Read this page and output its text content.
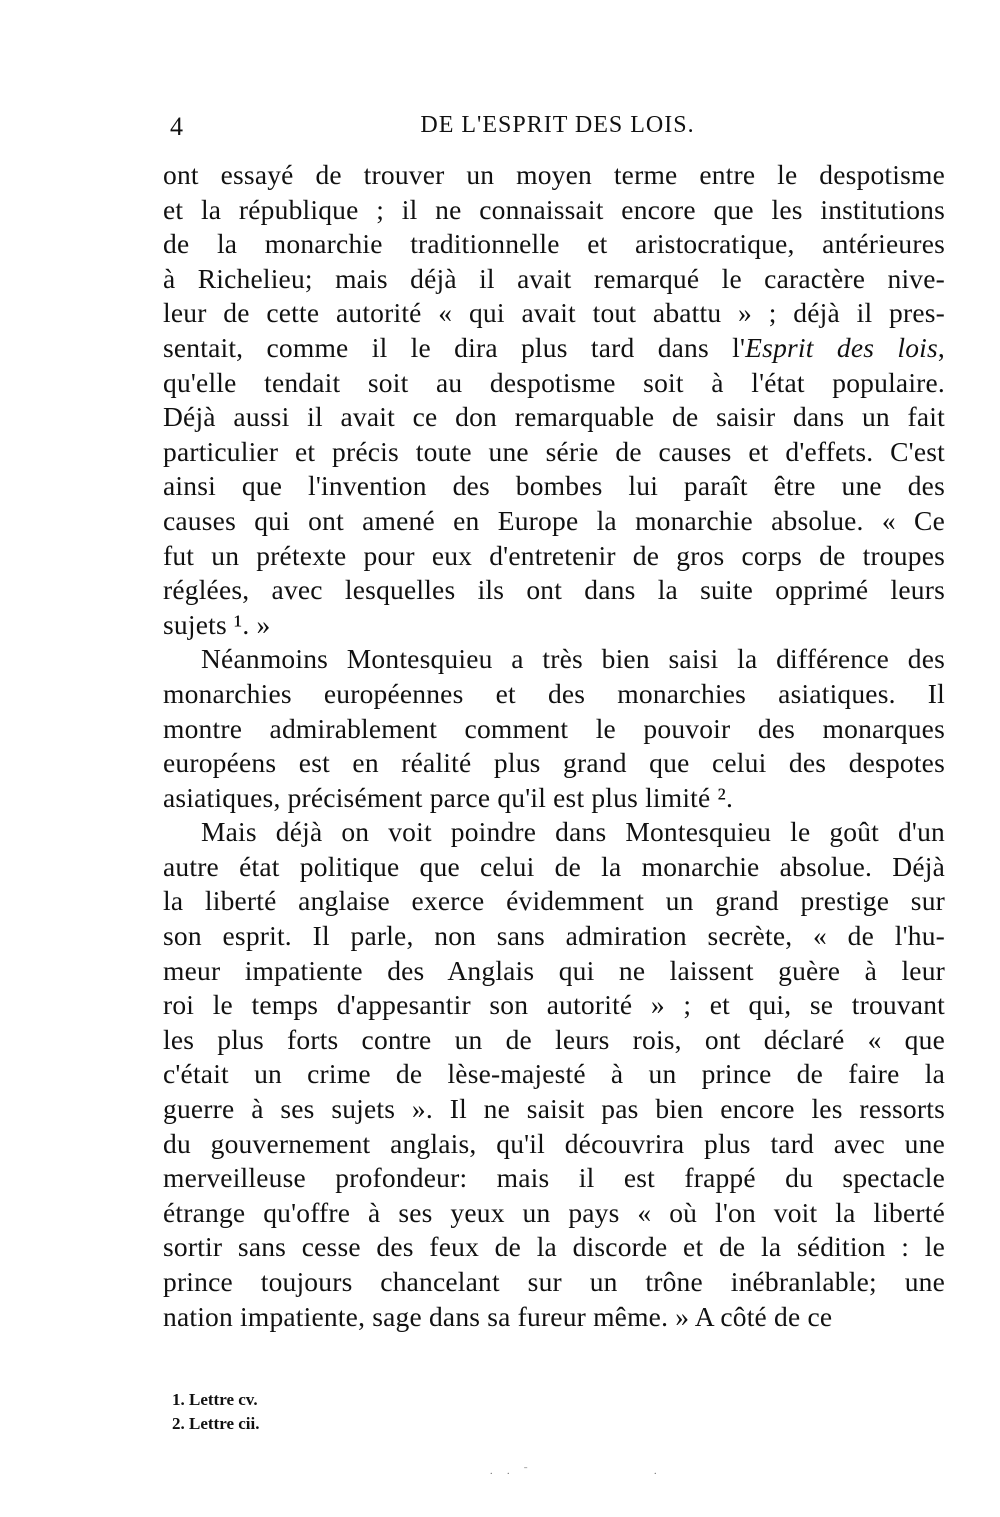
4	DE L'ESPRIT DES LOIS.

ont essayé de trouver un moyen terme entre le despotisme
et la république ; il ne connaissait encore que les institutions
de la monarchie traditionnelle et aristocratique, antérieures
à Richelieu; mais déjà il avait remarqué le caractère nive-
leur de cette autorité « qui avait tout abattu » ; déjà il pres-
sentait, comme il le dira plus tard dans l'Esprit des lois,
qu'elle tendait soit au despotisme soit à l'état populaire.
Déjà aussi il avait ce don remarquable de saisir dans un fait
particulier et précis toute une série de causes et d'effets. C'est
ainsi que l'invention des bombes lui paraît être une des
causes qui ont amené en Europe la monarchie absolue. « Ce
fut un prétexte pour eux d'entretenir de gros corps de troupes
réglées, avec lesquelles ils ont dans la suite opprimé leurs
sujets ¹. »

Néanmoins Montesquieu a très bien saisi la différence des
monarchies européennes et des monarchies asiatiques. Il
montre admirablement comment le pouvoir des monarques
européens est en réalité plus grand que celui des despotes
asiatiques, précisément parce qu'il est plus limité ².

Mais déjà on voit poindre dans Montesquieu le goût d'un
autre état politique que celui de la monarchie absolue. Déjà
la liberté anglaise exerce évidemment un grand prestige sur
son esprit. Il parle, non sans admiration secrète, « de l'hu-
meur impatiente des Anglais qui ne laissent guère à leur
roi le temps d'appesantir son autorité » ; et qui, se trouvant
les plus forts contre un de leurs rois, ont déclaré « que
c'était un crime de lèse-majesté à un prince de faire la
guerre à ses sujets ». Il ne saisit pas bien encore les ressorts
du gouvernement anglais, qu'il découvrira plus tard avec une
merveilleuse profondeur: mais il est frappé du spectacle
étrange qu'offre à ses yeux un pays « où l'on voit la liberté
sortir sans cesse des feux de la discorde et de la sédition : le
prince toujours chancelant sur un trône inébranlable; une
nation impatiente, sage dans sa fureur même. » A côté de ce

1. Lettre cv.
2. Lettre cii.
. . ˉ	.
